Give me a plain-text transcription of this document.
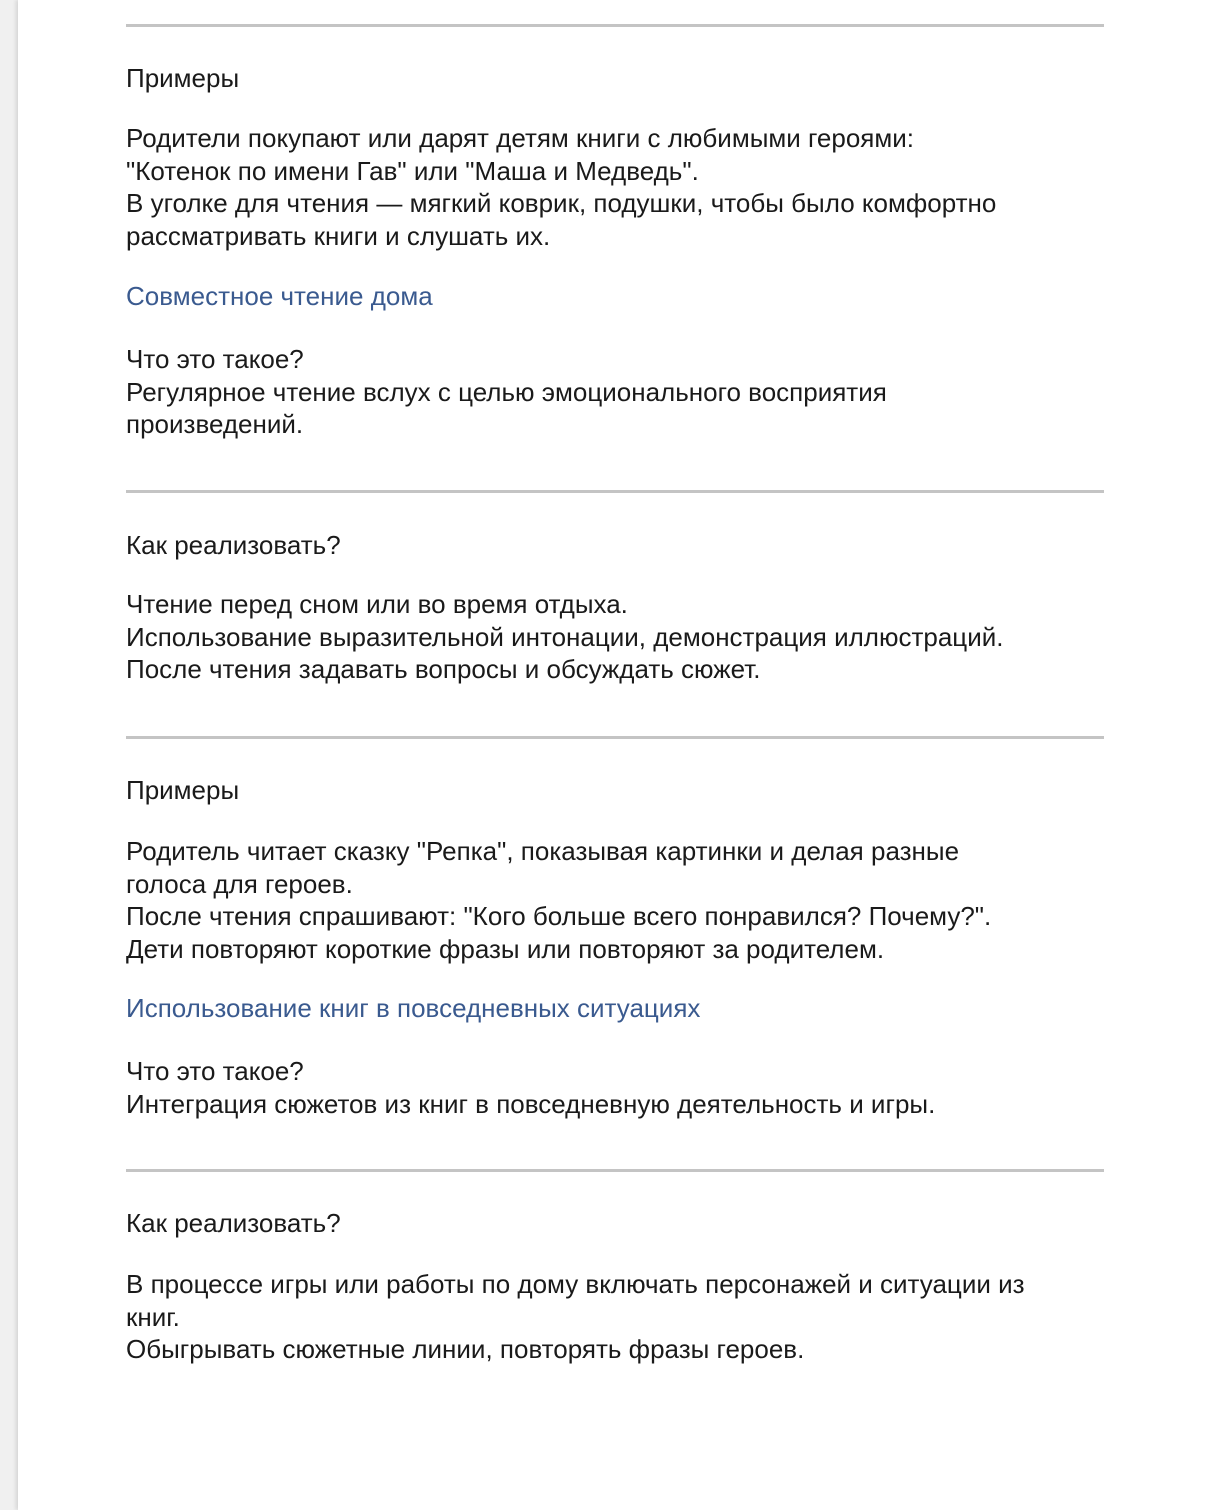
Примеры
Родители покупают или дарят детям книги с любимыми героями:
"Котенок по имени Гав" или "Маша и Медведь".
В уголке для чтения — мягкий коврик, подушки, чтобы было комфортно
рассматривать книги и слушать их.
Совместное чтение дома
Что это такое?
Регулярное чтение вслух с целью эмоционального восприятия
произведений.
Как реализовать?
Чтение перед сном или во время отдыха.
Использование выразительной интонации, демонстрация иллюстраций.
После чтения задавать вопросы и обсуждать сюжет.
Примеры
Родитель читает сказку "Репка", показывая картинки и делая разные
голоса для героев.
После чтения спрашивают: "Кого больше всего понравился? Почему?".
Дети повторяют короткие фразы или повторяют за родителем.
Использование книг в повседневных ситуациях
Что это такое?
Интеграция сюжетов из книг в повседневную деятельность и игры.
Как реализовать?
В процессе игры или работы по дому включать персонажей и ситуации из
книг.
Обыгрывать сюжетные линии, повторять фразы героев.
